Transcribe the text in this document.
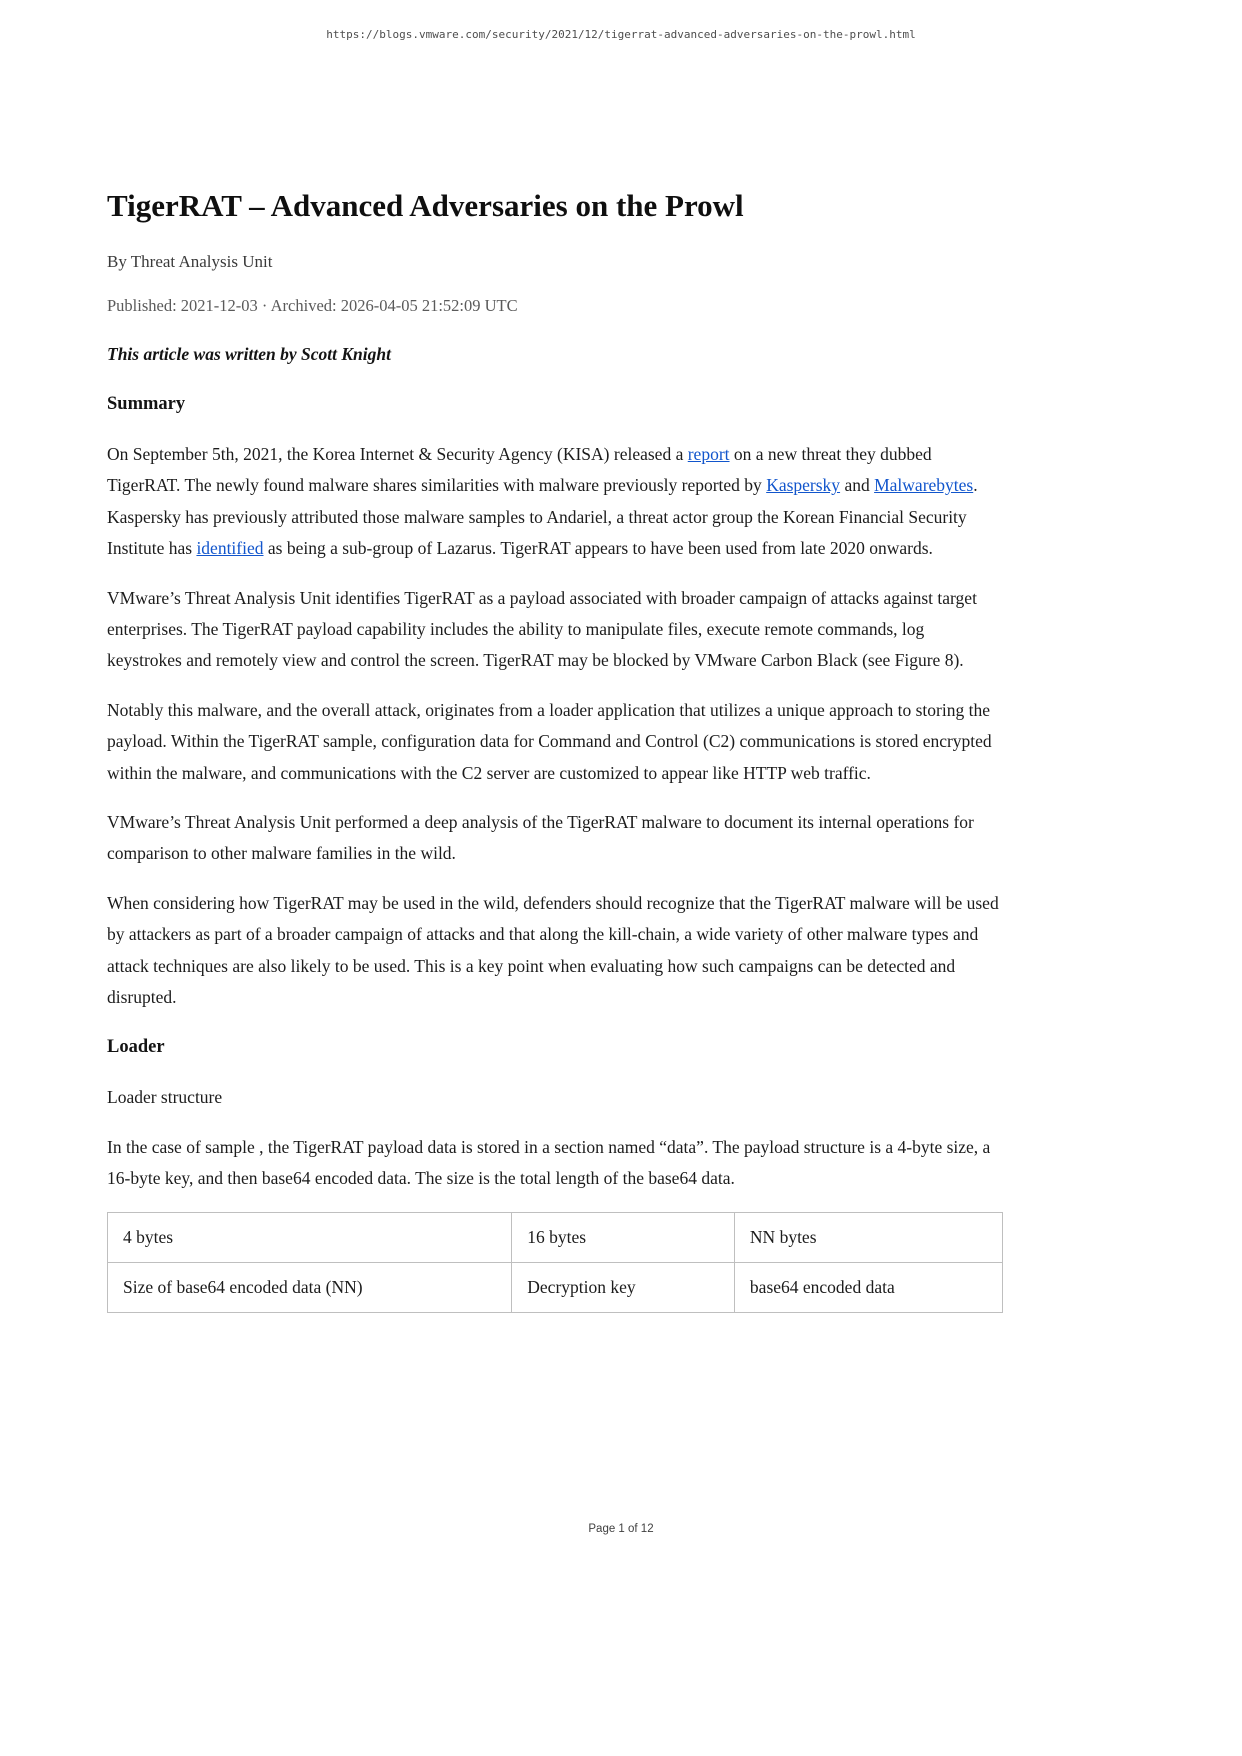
https://blogs.vmware.com/security/2021/12/tigerrat-advanced-adversaries-on-the-prowl.html
TigerRAT – Advanced Adversaries on the Prowl

By Threat Analysis Unit

Published: 2021-12-03 · Archived: 2026-04-05 21:52:09 UTC

This article was written by Scott Knight

Summary

On September 5th, 2021, the Korea Internet & Security Agency (KISA) released a report on a new threat they dubbed TigerRAT. The newly found malware shares similarities with malware previously reported by Kaspersky and Malwarebytes. Kaspersky has previously attributed those malware samples to Andariel, a threat actor group the Korean Financial Security Institute has identified as being a sub-group of Lazarus. TigerRAT appears to have been used from late 2020 onwards.

VMware’s Threat Analysis Unit identifies TigerRAT as a payload associated with broader campaign of attacks against target enterprises. The TigerRAT payload capability includes the ability to manipulate files, execute remote commands, log keystrokes and remotely view and control the screen. TigerRAT may be blocked by VMware Carbon Black (see Figure 8).

Notably this malware, and the overall attack, originates from a loader application that utilizes a unique approach to storing the payload. Within the TigerRAT sample, configuration data for Command and Control (C2) communications is stored encrypted within the malware, and communications with the C2 server are customized to appear like HTTP web traffic.

VMware’s Threat Analysis Unit performed a deep analysis of the TigerRAT malware to document its internal operations for comparison to other malware families in the wild.

When considering how TigerRAT may be used in the wild, defenders should recognize that the TigerRAT malware will be used by attackers as part of a broader campaign of attacks and that along the kill-chain, a wide variety of other malware types and attack techniques are also likely to be used. This is a key point when evaluating how such campaigns can be detected and disrupted.

Loader

Loader structure

In the case of sample , the TigerRAT payload data is stored in a section named “data”. The payload structure is a 4-byte size, a 16-byte key, and then base64 encoded data. The size is the total length of the base64 data.

4 bytes	16 bytes	NN bytes
Size of base64 encoded data (NN)	Decryption key	base64 encoded data
Page 1 of 12
